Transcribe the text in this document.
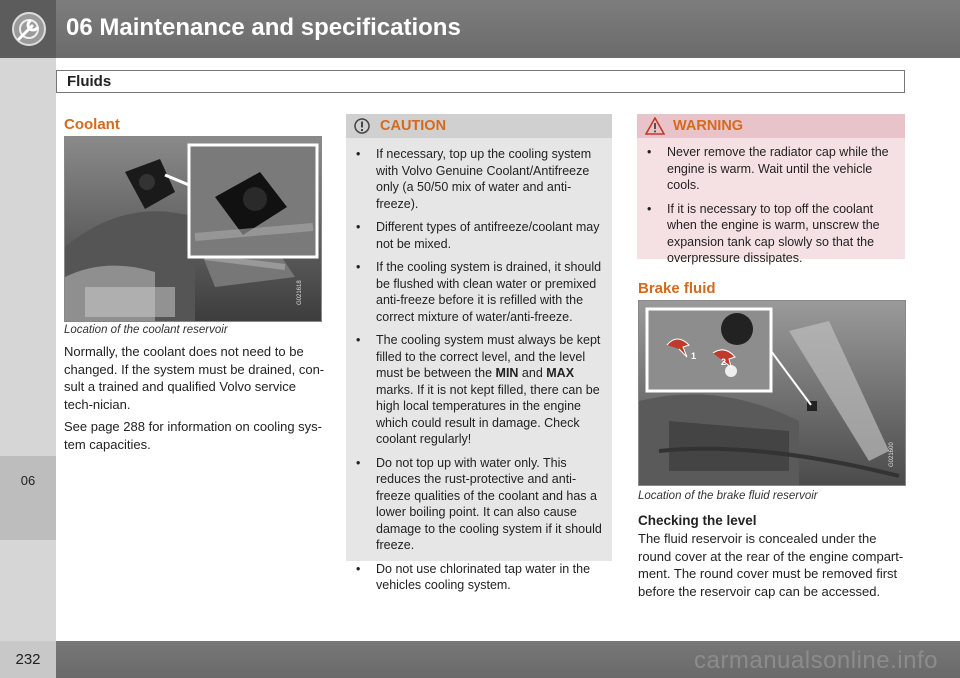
06 Maintenance and specifications
Fluids
06
Coolant
G021618
Location of the coolant reservoir

Normally, the coolant does not need to be changed. If the system must be drained, con-sult a trained and qualified Volvo service tech-nician.

See page 288 for information on cooling sys-tem capacities.

CAUTION
• If necessary, top up the cooling system with Volvo Genuine Coolant/Antifreeze only (a 50/50 mix of water and anti-freeze).
• Different types of antifreeze/coolant may not be mixed.
• If the cooling system is drained, it should be flushed with clean water or premixed anti-freeze before it is refilled with the correct mixture of water/anti-freeze.
• The cooling system must always be kept filled to the correct level, and the level must be between the MIN and MAX marks. If it is not kept filled, there can be high local temperatures in the engine which could result in damage. Check coolant regularly!
• Do not top up with water only. This reduces the rust-protective and anti-freeze qualities of the coolant and has a lower boiling point. It can also cause damage to the cooling system if it should freeze.
• Do not use chlorinated tap water in the vehicles cooling system.
WARNING
• Never remove the radiator cap while the engine is warm. Wait until the vehicle cools.
• If it is necessary to top off the coolant when the engine is warm, unscrew the expansion tank cap slowly so that the overpressure dissipates.
Brake fluid
1
2
G021600
Location of the brake fluid reservoir
Checking the level

The fluid reservoir is concealed under the round cover at the rear of the engine compart-ment. The round cover must be removed first before the reservoir cap can be accessed.

232	carmanualsonline.info
